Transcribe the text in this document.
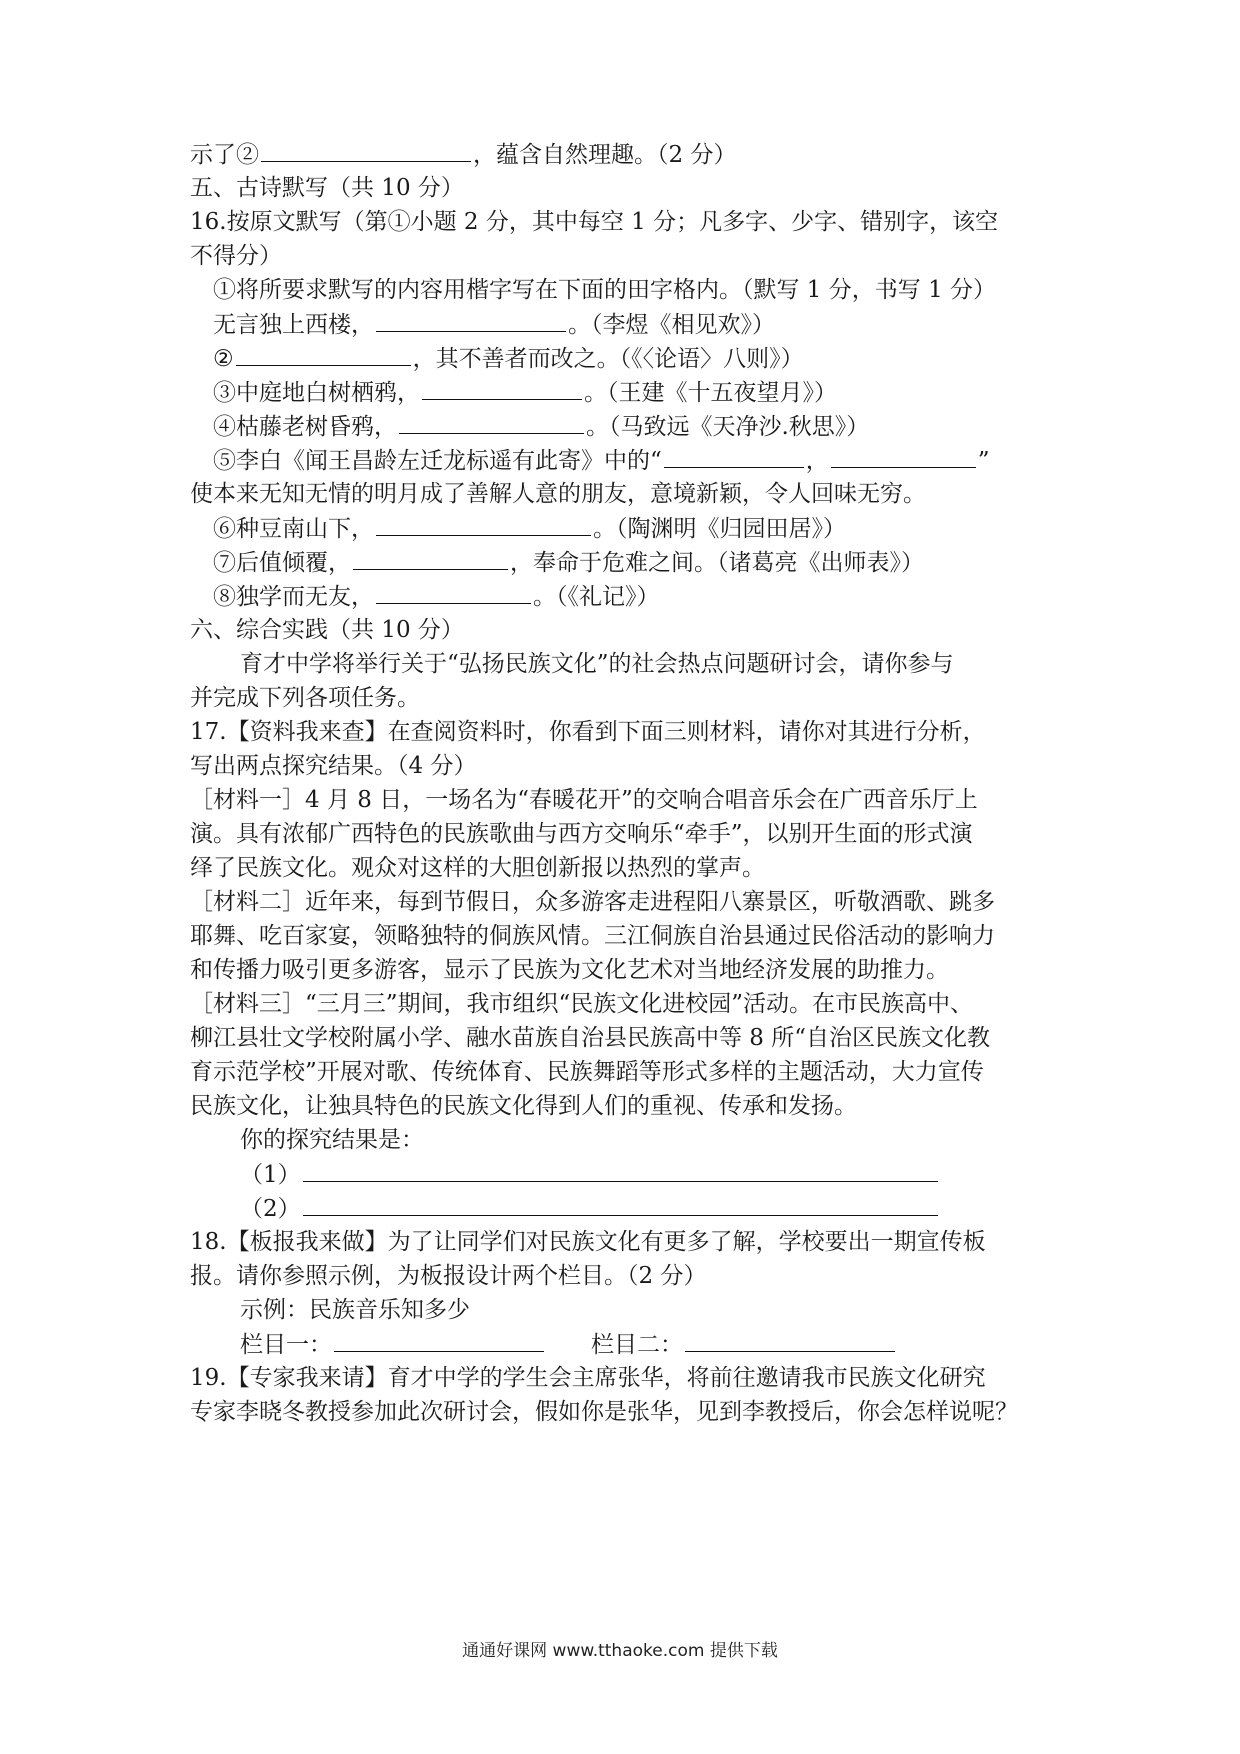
示了②	，蕴含自然理趣。（2 分）
五、古诗默写（共 10 分）
16.按原文默写（第①小题 2 分，其中每空 1 分；凡多字、少字、错别字，该空
不得分）
①将所要求默写的内容用楷字写在下面的田字格内。（默写 1 分，书写 1 分）
无言独上西楼，	。（李煜《相见欢》）
②	，其不善者而改之。（《〈论语〉八则》）
③中庭地白树栖鸦，	。（王建《十五夜望月》）
④枯藤老树昏鸦，	。（马致远《天净沙.秋思》）
⑤李白《闻王昌龄左迁龙标遥有此寄》中的“	，	”
使本来无知无情的明月成了善解人意的朋友，意境新颖，令人回味无穷。
⑥种豆南山下，	。（陶渊明《归园田居》）
⑦后值倾覆，	，奉命于危难之间。（诸葛亮《出师表》）
⑧独学而无友，	。（《礼记》）
六、综合实践（共 10 分）
育才中学将举行关于“弘扬民族文化”的社会热点问题研讨会，请你参与
并完成下列各项任务。
17.【资料我来查】在查阅资料时，你看到下面三则材料，请你对其进行分析，
写出两点探究结果。（4 分）
［材料一］4 月 8 日，一场名为“春暖花开”的交响合唱音乐会在广西音乐厅上
演。具有浓郁广西特色的民族歌曲与西方交响乐“牵手”，以别开生面的形式演
绎了民族文化。观众对这样的大胆创新报以热烈的掌声。
［材料二］近年来，每到节假日，众多游客走进程阳八寨景区，听敬酒歌、跳多
耶舞、吃百家宴，领略独特的侗族风情。三江侗族自治县通过民俗活动的影响力
和传播力吸引更多游客，显示了民族为文化艺术对当地经济发展的助推力。
［材料三］“三月三”期间，我市组织“民族文化进校园”活动。在市民族高中、
柳江县壮文学校附属小学、融水苗族自治县民族高中等 8 所“自治区民族文化教
育示范学校”开展对歌、传统体育、民族舞蹈等形式多样的主题活动，大力宣传
民族文化，让独具特色的民族文化得到人们的重视、传承和发扬。
你的探究结果是：
（1）
（2）
18.【板报我来做】为了让同学们对民族文化有更多了解，学校要出一期宣传板
报。请你参照示例，为板报设计两个栏目。（2 分）
示例：民族音乐知多少
栏目一：	栏目二：
19.【专家我来请】育才中学的学生会主席张华，将前往邀请我市民族文化研究
专家李晓冬教授参加此次研讨会，假如你是张华，见到李教授后，你会怎样说呢？
通通好课网 www.tthaoke.com 提供下载
